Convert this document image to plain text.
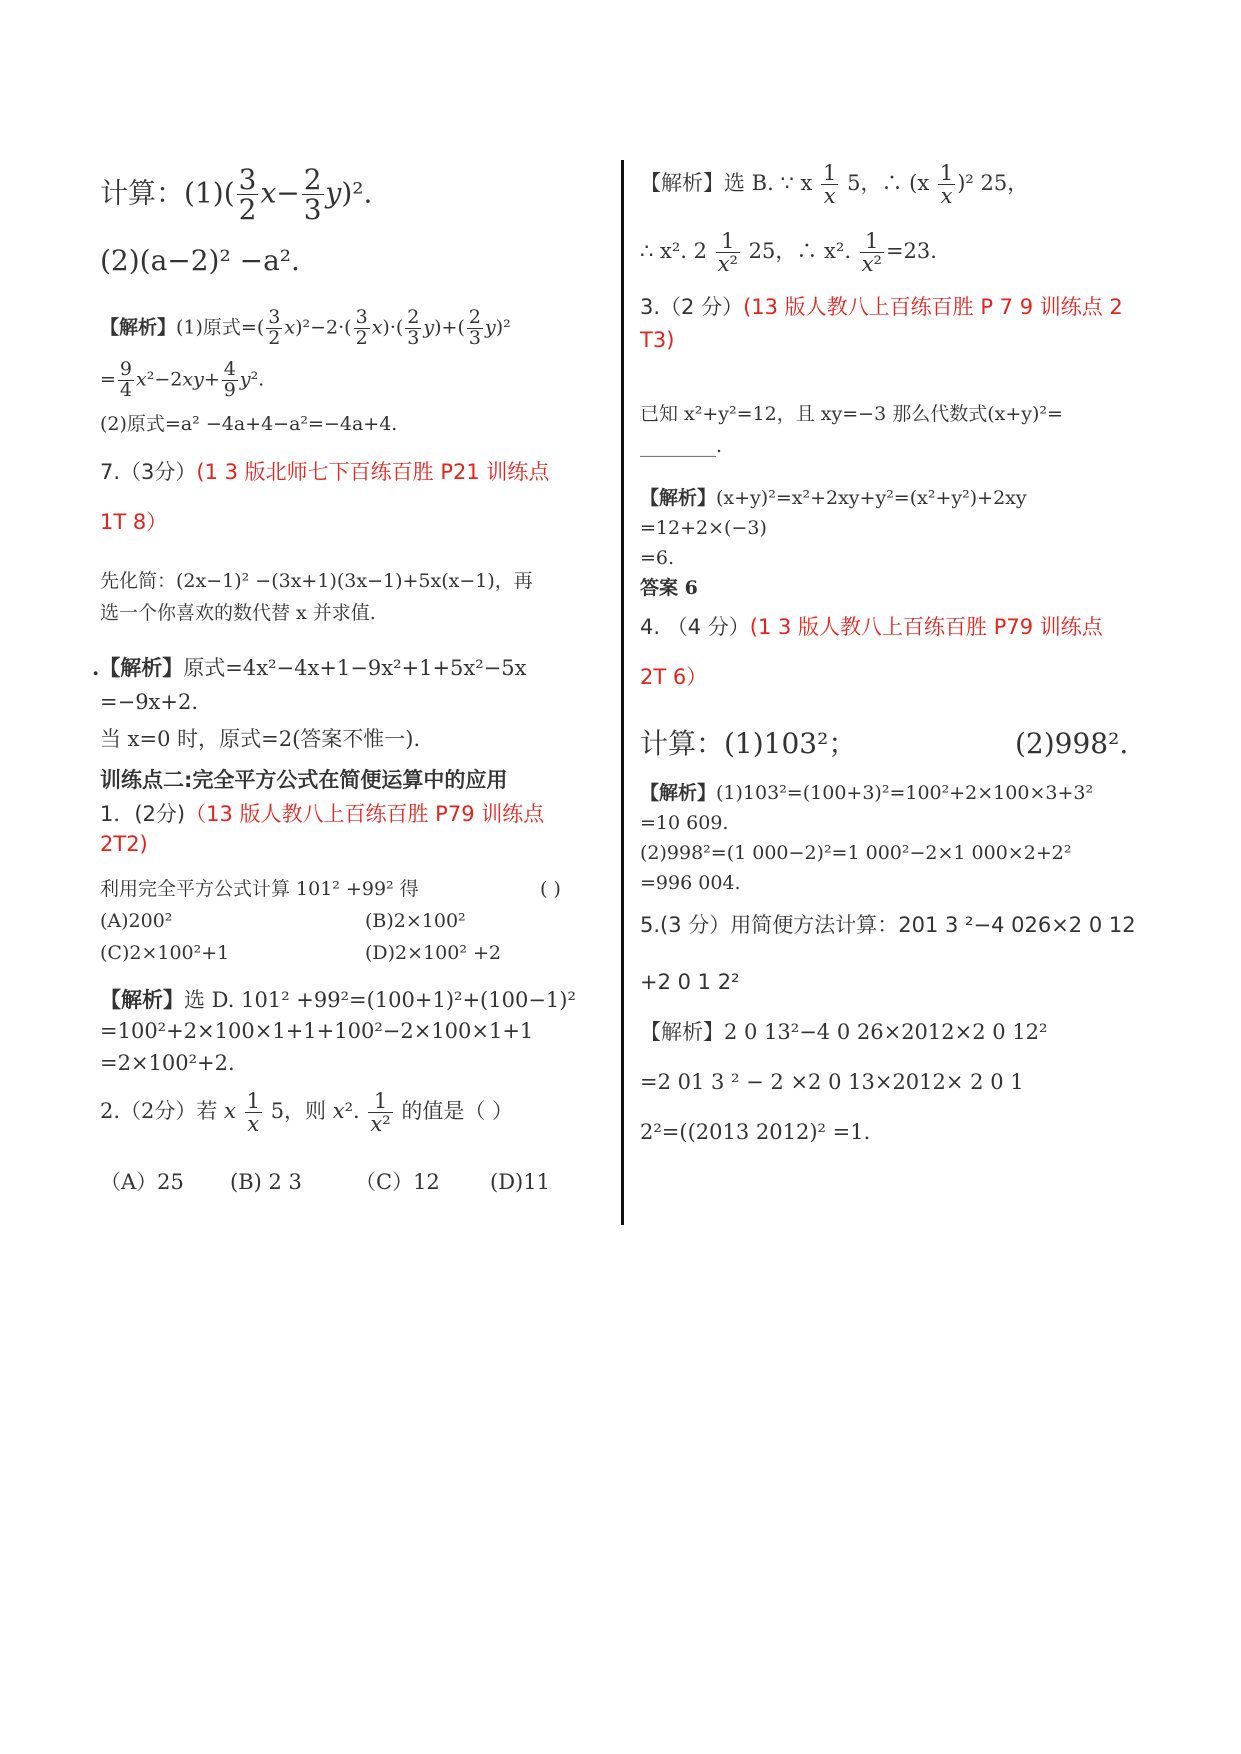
计算：$(1)( \frac{3}{2} x- \frac{2}{3} y)^2$.
(2)(a−2)² −a².
【解析】(1)原式=( $\frac{3}{2} x)^2-2\cdot( \frac{3}{2} x)\cdot( \frac{2}{3} y)+( \frac{2}{3} y)^2$
= $\frac{9}{4} x^2-2xy+ \frac{4}{9} y^2$.
(2)原式=a² −4a+4−a²=−4a+4.
7.（3分）(1 3 版北师七下百练百胜 P21 训练点
1T 8）
先化简：(2x−1)² −(3x+1)(3x−1)+5x(x−1)，再
选一个你喜欢的数代替 x 并求值.
.【解析】原式=4x²−4x+1−9x²+1+5x²−5x
=−9x+2.
当 x=0 时，原式=2(答案不惟一).
训练点二:完全平方公式在简便运算中的应用
1．(2分)（13 版人教八上百练百胜 P79 训练点
2T2)
利用完全平方公式计算 101² +99² 得	( )
(A)200²	(B)2×100²
(C)2×100²+1	(D)2×100² +2
【解析】选 D. 101² +99²=(100+1)²+(100−1)²
=100²+2×100×1+1+100²−2×100×1+1
=2×100²+2.
2.（2分）若 x $\frac{1}{x} 5$，则 x². $\frac{1}{\text{x²}}$ 的值是（ ）
（A）25 (B) 2 3	（C）12 (D)11
【解析】选 B. ∵ x $\frac{1}{x} 5$，∴ $(x \frac{1}{x} )^2$ 25，
∴ x². $2 \frac{1}{\text{x²}} 25$，∴ x². $\frac{1}{\text{x²}} =23$.
3.（2 分）(13 版人教八上百练百胜 P 7 9 训练点 2
T3)
已知 x²+y²=12，且 xy=−3 那么代数式(x+y)²=
________.
【解析】(x+y)²=x²+2xy+y²=(x²+y²)+2xy
=12+2×(−3)
=6.
答案 6
4. （4 分）(1 3 版人教八上百练百胜 P79 训练点
2T 6）
计算：(1)103²；	(2)998².
【解析】(1)103²=(100+3)²=100²+2×100×3+3²
=10 609.
(2)998²=(1 000−2)²=1 000²−2×1 000×2+2²
=996 004.
5.(3 分）用简便方法计算：201 3 ²−4 026×2 0 12
+2 0 1 2²
【解析】2 0 13²−4 0 26×2012×2 0 12²
=2 01 3 ² − 2 ×2 0 13×2012× 2 0 1
2²=((2013 2012)² =1.
